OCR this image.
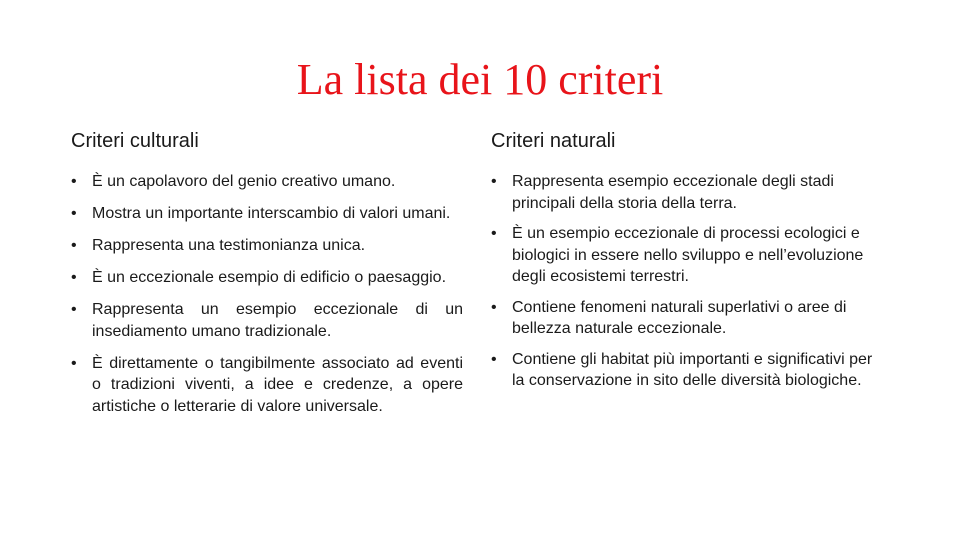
La lista dei 10 criteri
Criteri culturali
• È un capolavoro del genio creativo umano.
• Mostra un importante interscambio di valori umani.
• Rappresenta una testimonianza unica.
• È un eccezionale esempio di edificio o paesaggio.
• Rappresenta un esempio eccezionale di un insediamento umano tradizionale.
• È direttamente o tangibilmente associato ad eventi o tradizioni viventi, a idee e credenze, a opere artistiche o letterarie di valore universale.
Criteri naturali
• Rappresenta esempio eccezionale degli stadi principali della storia della terra.
• È un esempio eccezionale di processi ecologici e biologici in essere nello sviluppo e nell’evoluzione degli ecosistemi terrestri.
• Contiene fenomeni naturali superlativi o aree di bellezza naturale eccezionale.
• Contiene gli habitat più importanti e significativi per la conservazione in sito delle diversità biologiche.
